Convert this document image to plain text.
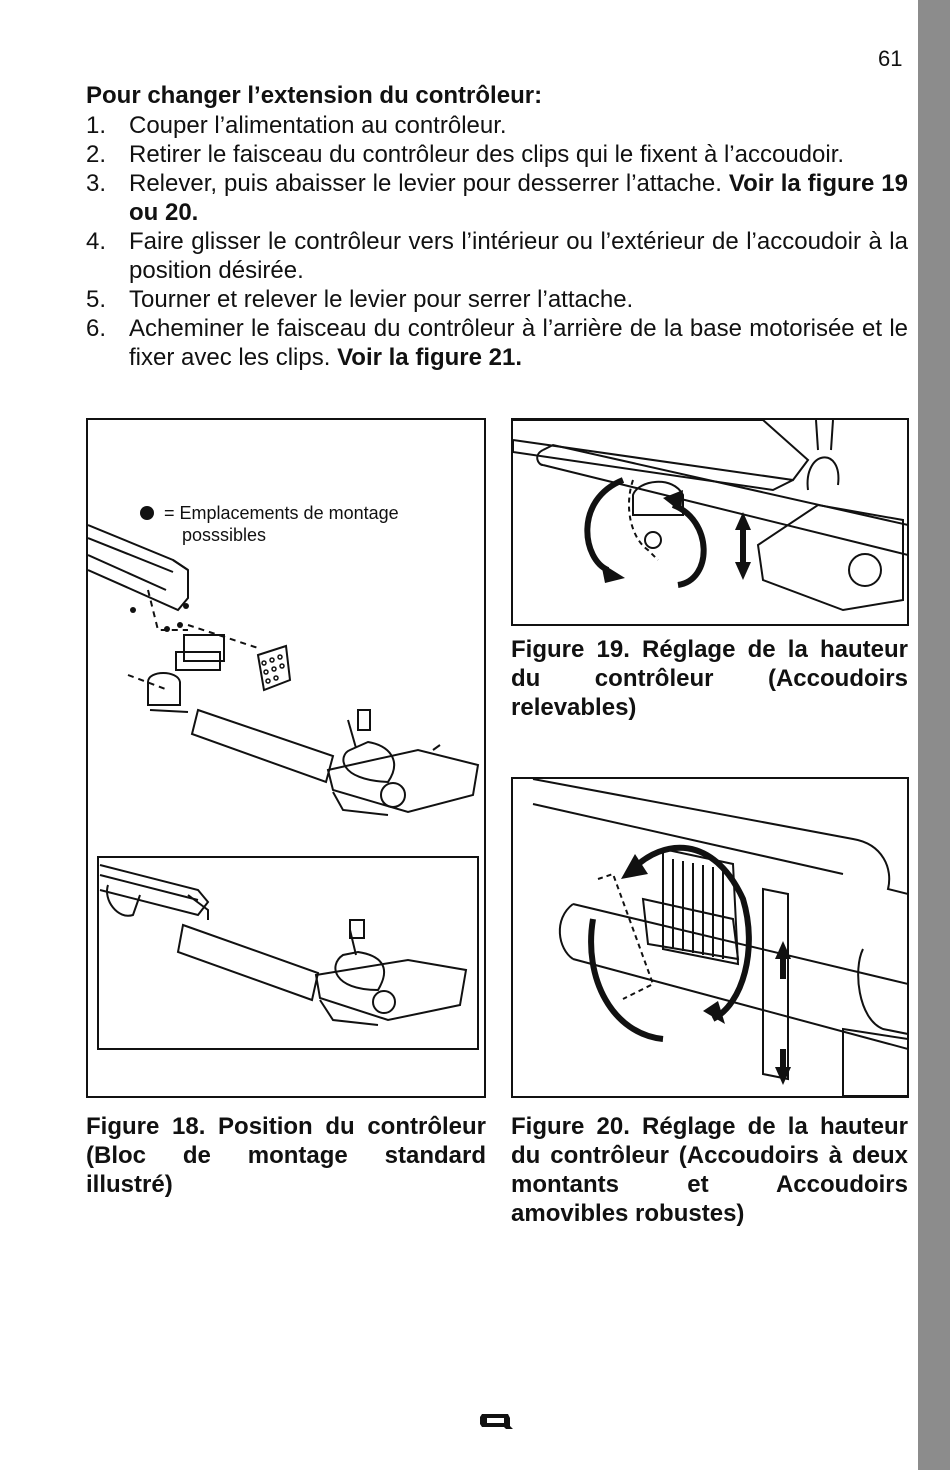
61
Pour changer l’extension du contrôleur:
1. Couper l’alimentation au contrôleur.
2. Retirer le faisceau du contrôleur des clips qui le fixent à l’accoudoir.
3. Relever, puis abaisser le levier pour desserrer l’attache. Voir la figure 19 ou 20.
4. Faire glisser le contrôleur vers l’intérieur ou l’extérieur de l’accoudoir à la position désirée.
5. Tourner et relever le levier pour serrer l’attache.
6. Acheminer le faisceau du contrôleur à l’arrière de la base motorisée et le fixer avec les clips. Voir la figure 21.
= Emplacements de montage
posssibles
Figure 18. Position du contrôleur (Bloc de montage standard illustré)
Figure 19. Réglage de la hauteur du contrôleur (Accoudoirs relevables)
Figure 20. Réglage de la hauteur du contrôleur (Accoudoirs à deux montants et Accoudoirs amovibles robustes)
